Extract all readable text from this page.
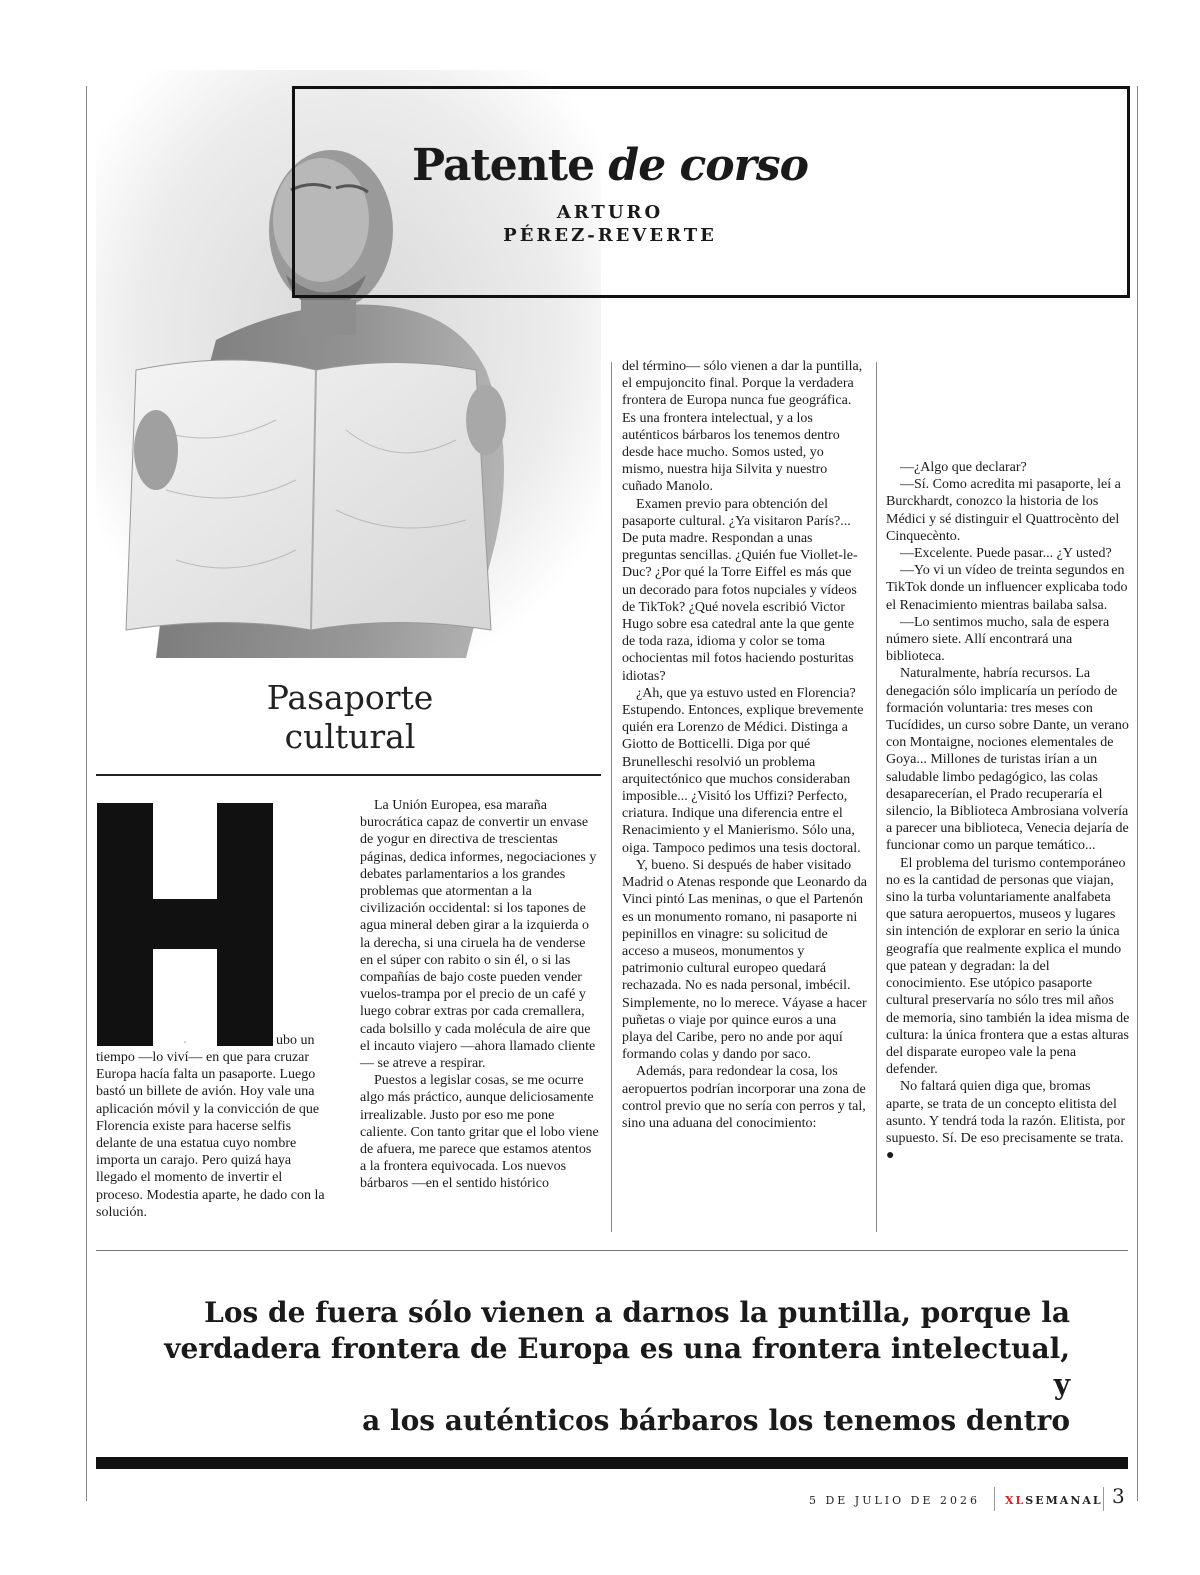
Patente de corso
ARTURO
PÉREZ-REVERTE
Pasaporte
cultural
H	ubo un

tiempo —lo viví— en que para cruzar Europa hacía falta un pasaporte. Luego bastó un billete de avión. Hoy vale una aplicación móvil y la convicción de que Florencia existe para hacerse selfis delante de una estatua cuyo nombre importa un carajo. Pero quizá haya llegado el momento de invertir el proceso. Modestia aparte, he dado con la solución.

La Unión Europea, esa maraña burocrática capaz de convertir un envase de yogur en directiva de trescientas páginas, dedica informes, negociaciones y debates parlamentarios a los grandes problemas que atormentan a la civilización occidental: si los tapones de agua mineral deben girar a la izquierda o la derecha, si una ciruela ha de venderse en el súper con rabito o sin él, o si las compañías de bajo coste pueden vender vuelos-trampa por el precio de un café y luego cobrar extras por cada cremallera, cada bolsillo y cada molécula de aire que el incauto viajero —ahora llamado cliente— se atreve a respirar.

Puestos a legislar cosas, se me ocurre algo más práctico, aunque deliciosamente irrealizable. Justo por eso me pone caliente. Con tanto gritar que el lobo viene de afuera, me parece que estamos atentos a la frontera equivocada. Los nuevos bárbaros —en el sentido histórico

del término— sólo vienen a dar la puntilla, el empujoncito final. Porque la verdadera frontera de Europa nunca fue geográfica. Es una frontera intelectual, y a los auténticos bárbaros los tenemos dentro desde hace mucho. Somos usted, yo mismo, nuestra hija Silvita y nuestro cuñado Manolo.

Examen previo para obtención del pasaporte cultural. ¿Ya visitaron París?... De puta madre. Respondan a unas preguntas sencillas. ¿Quién fue Viollet-le-Duc? ¿Por qué la Torre Eiffel es más que un decorado para fotos nupciales y vídeos de TikTok? ¿Qué novela escribió Victor Hugo sobre esa catedral ante la que gente de toda raza, idioma y color se toma ochocientas mil fotos haciendo posturitas idiotas?

¿Ah, que ya estuvo usted en Florencia? Estupendo. Entonces, explique brevemente quién era Lorenzo de Médici. Distinga a Giotto de Botticelli. Diga por qué Brunelleschi resolvió un problema arquitectónico que muchos consideraban imposible... ¿Visitó los Uffizi? Perfecto, criatura. Indique una diferencia entre el Renacimiento y el Manierismo. Sólo una, oiga. Tampoco pedimos una tesis doctoral.

Y, bueno. Si después de haber visitado Madrid o Atenas responde que Leonardo da Vinci pintó Las meninas, o que el Partenón es un monumento romano, ni pasaporte ni pepinillos en vinagre: su solicitud de acceso a museos, monumentos y patrimonio cultural europeo quedará rechazada. No es nada personal, imbécil. Simplemente, no lo merece. Váyase a hacer puñetas o viaje por quince euros a una playa del Caribe, pero no ande por aquí formando colas y dando por saco.

Además, para redondear la cosa, los aeropuertos podrían incorporar una zona de control previo que no sería con perros y tal, sino una aduana del conocimiento:

—¿Algo que declarar?

—Sí. Como acredita mi pasaporte, leí a Burckhardt, conozco la historia de los Médici y sé distinguir el Quattrocènto del Cinquecènto.

—Excelente. Puede pasar... ¿Y usted?

—Yo vi un vídeo de treinta segundos en TikTok donde un influencer explicaba todo el Renacimiento mientras bailaba salsa.

—Lo sentimos mucho, sala de espera número siete. Allí encontrará una biblioteca.

Naturalmente, habría recursos. La denegación sólo implicaría un período de formación voluntaria: tres meses con Tucídides, un curso sobre Dante, un verano con Montaigne, nociones elementales de Goya... Millones de turistas irían a un saludable limbo pedagógico, las colas desaparecerían, el Prado recuperaría el silencio, la Biblioteca Ambrosiana volvería a parecer una biblioteca, Venecia dejaría de funcionar como un parque temático...

El problema del turismo contemporáneo no es la cantidad de personas que viajan, sino la turba voluntariamente analfabeta que satura aeropuertos, museos y lugares sin intención de explorar en serio la única geografía que realmente explica el mundo que patean y degradan: la del conocimiento. Ese utópico pasaporte cultural preservaría no sólo tres mil años de memoria, sino también la idea misma de cultura: la única frontera que a estas alturas del disparate europeo vale la pena defender.

No faltará quien diga que, bromas aparte, se trata de un concepto elitista del asunto. Y tendrá toda la razón. Elitista, por supuesto. Sí. De eso precisamente se trata. ●

Los de fuera sólo vienen a darnos la puntilla, porque la
verdadera frontera de Europa es una frontera intelectual, y
a los auténticos bárbaros los tenemos dentro
5 DE JULIO DE 2026 XLSEMANAL 3
